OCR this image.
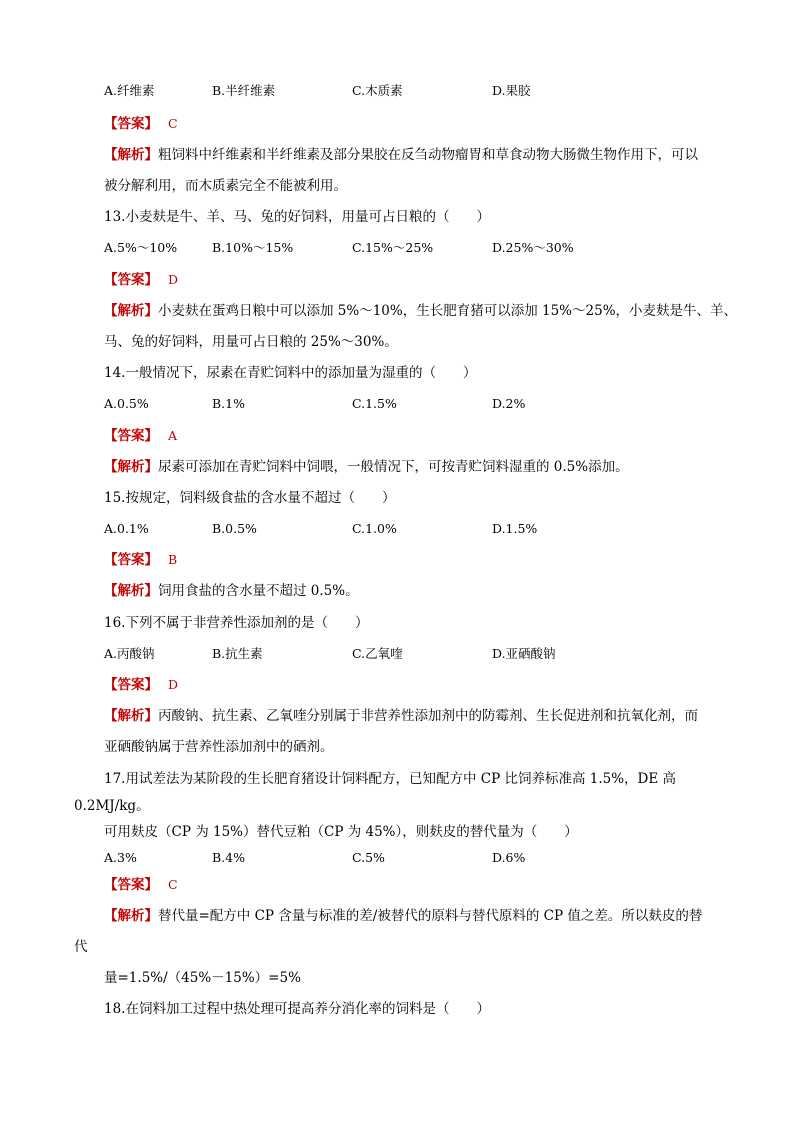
A.纤维素	B.半纤维素	C.木质素	D.果胶
【答案】 C
【解析】粗饲料中纤维素和半纤维素及部分果胶在反刍动物瘤胃和草食动物大肠微生物作用下，可以
被分解利用，而木质素完全不能被利用。
13.小麦麸是牛、羊、马、兔的好饲料，用量可占日粮的（　　）
A.5%～10%	B.10%～15%	C.15%～25%	D.25%～30%
【答案】 D
【解析】小麦麸在蛋鸡日粮中可以添加 5%～10%，生长肥育猪可以添加 15%～25%，小麦麸是牛、羊、
马、兔的好饲料，用量可占日粮的 25%～30%。
14.一般情况下，尿素在青贮饲料中的添加量为湿重的（　　）
A.0.5%	B.1%	C.1.5%	D.2%
【答案】 A
【解析】尿素可添加在青贮饲料中饲喂，一般情况下，可按青贮饲料湿重的 0.5%添加。
15.按规定，饲料级食盐的含水量不超过（　　）
A.0.1%	B.0.5%	C.1.0%	D.1.5%
【答案】 B
【解析】饲用食盐的含水量不超过 0.5%。
16.下列不属于非营养性添加剂的是（　　）
A.丙酸钠	B.抗生素	C.乙氧喹	D.亚硒酸钠
【答案】 D
【解析】丙酸钠、抗生素、乙氧喹分别属于非营养性添加剂中的防霉剂、生长促进剂和抗氧化剂，而
亚硒酸钠属于营养性添加剂中的硒剂。
17.用试差法为某阶段的生长肥育猪设计饲料配方，已知配方中 CP 比饲养标准高 1.5%，DE 高
0.2MJ/kg。
可用麸皮（CP 为 15%）替代豆粕（CP 为 45%），则麸皮的替代量为（　　）
A.3%	B.4%	C.5%	D.6%
【答案】 C
【解析】替代量=配方中 CP 含量与标准的差/被替代的原料与替代原料的 CP 值之差。所以麸皮的替
代
量=1.5%/（45%－15%）=5%
18.在饲料加工过程中热处理可提高养分消化率的饲料是（　　）
